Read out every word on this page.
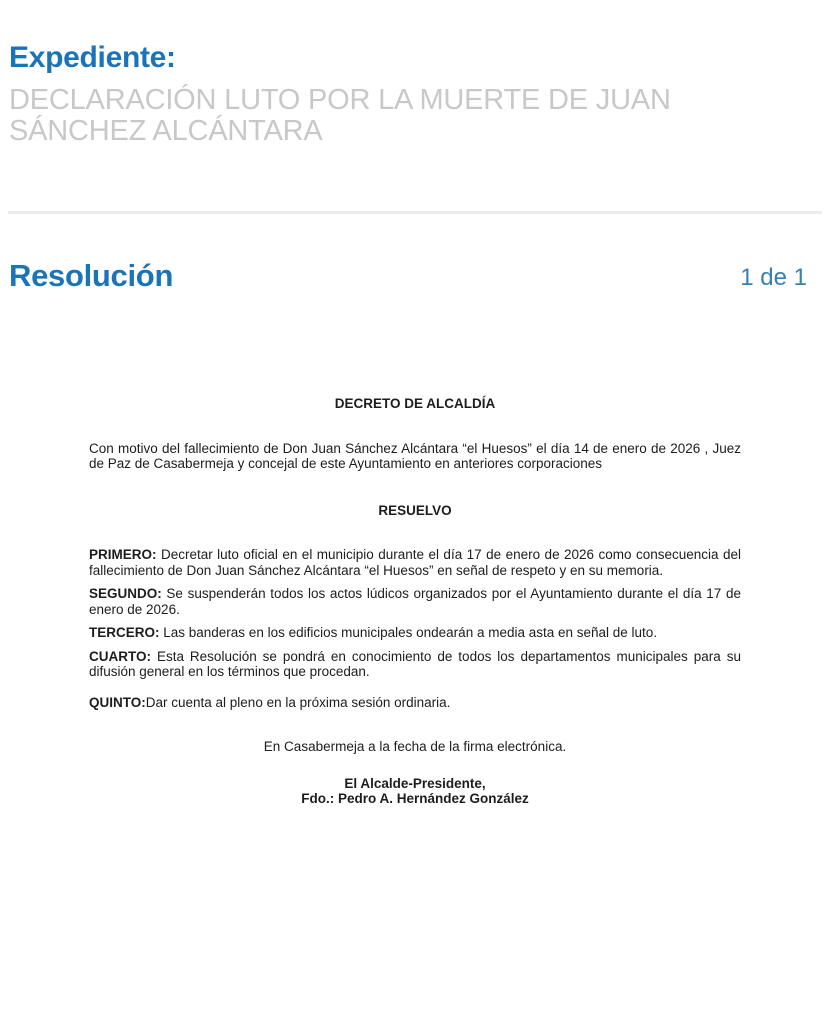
Expediente:
DECLARACIÓN LUTO POR LA MUERTE DE JUAN SÁNCHEZ ALCÁNTARA
Resolución	1 de 1

DECRETO DE ALCALDÍA

Con motivo del fallecimiento de Don Juan Sánchez Alcántara “el Huesos” el día 14 de enero de 2026 , Juez de Paz de Casabermeja y concejal de este Ayuntamiento en anteriores corporaciones

RESUELVO

PRIMERO: Decretar luto oficial en el municipio durante el día 17 de enero de 2026 como consecuencia del fallecimiento de Don Juan Sánchez Alcántara “el Huesos” en señal de respeto y en su memoria.

SEGUNDO: Se suspenderán todos los actos lúdicos organizados por el Ayuntamiento durante el día 17 de enero de 2026.

TERCERO: Las banderas en los edificios municipales ondearán a media asta en señal de luto.

CUARTO: Esta Resolución se pondrá en conocimiento de todos los departamentos municipales para su difusión general en los términos que procedan.

QUINTO:Dar cuenta al pleno en la próxima sesión ordinaria.

En Casabermeja a la fecha de la firma electrónica.

El Alcalde-Presidente,
Fdo.: Pedro A. Hernández González
